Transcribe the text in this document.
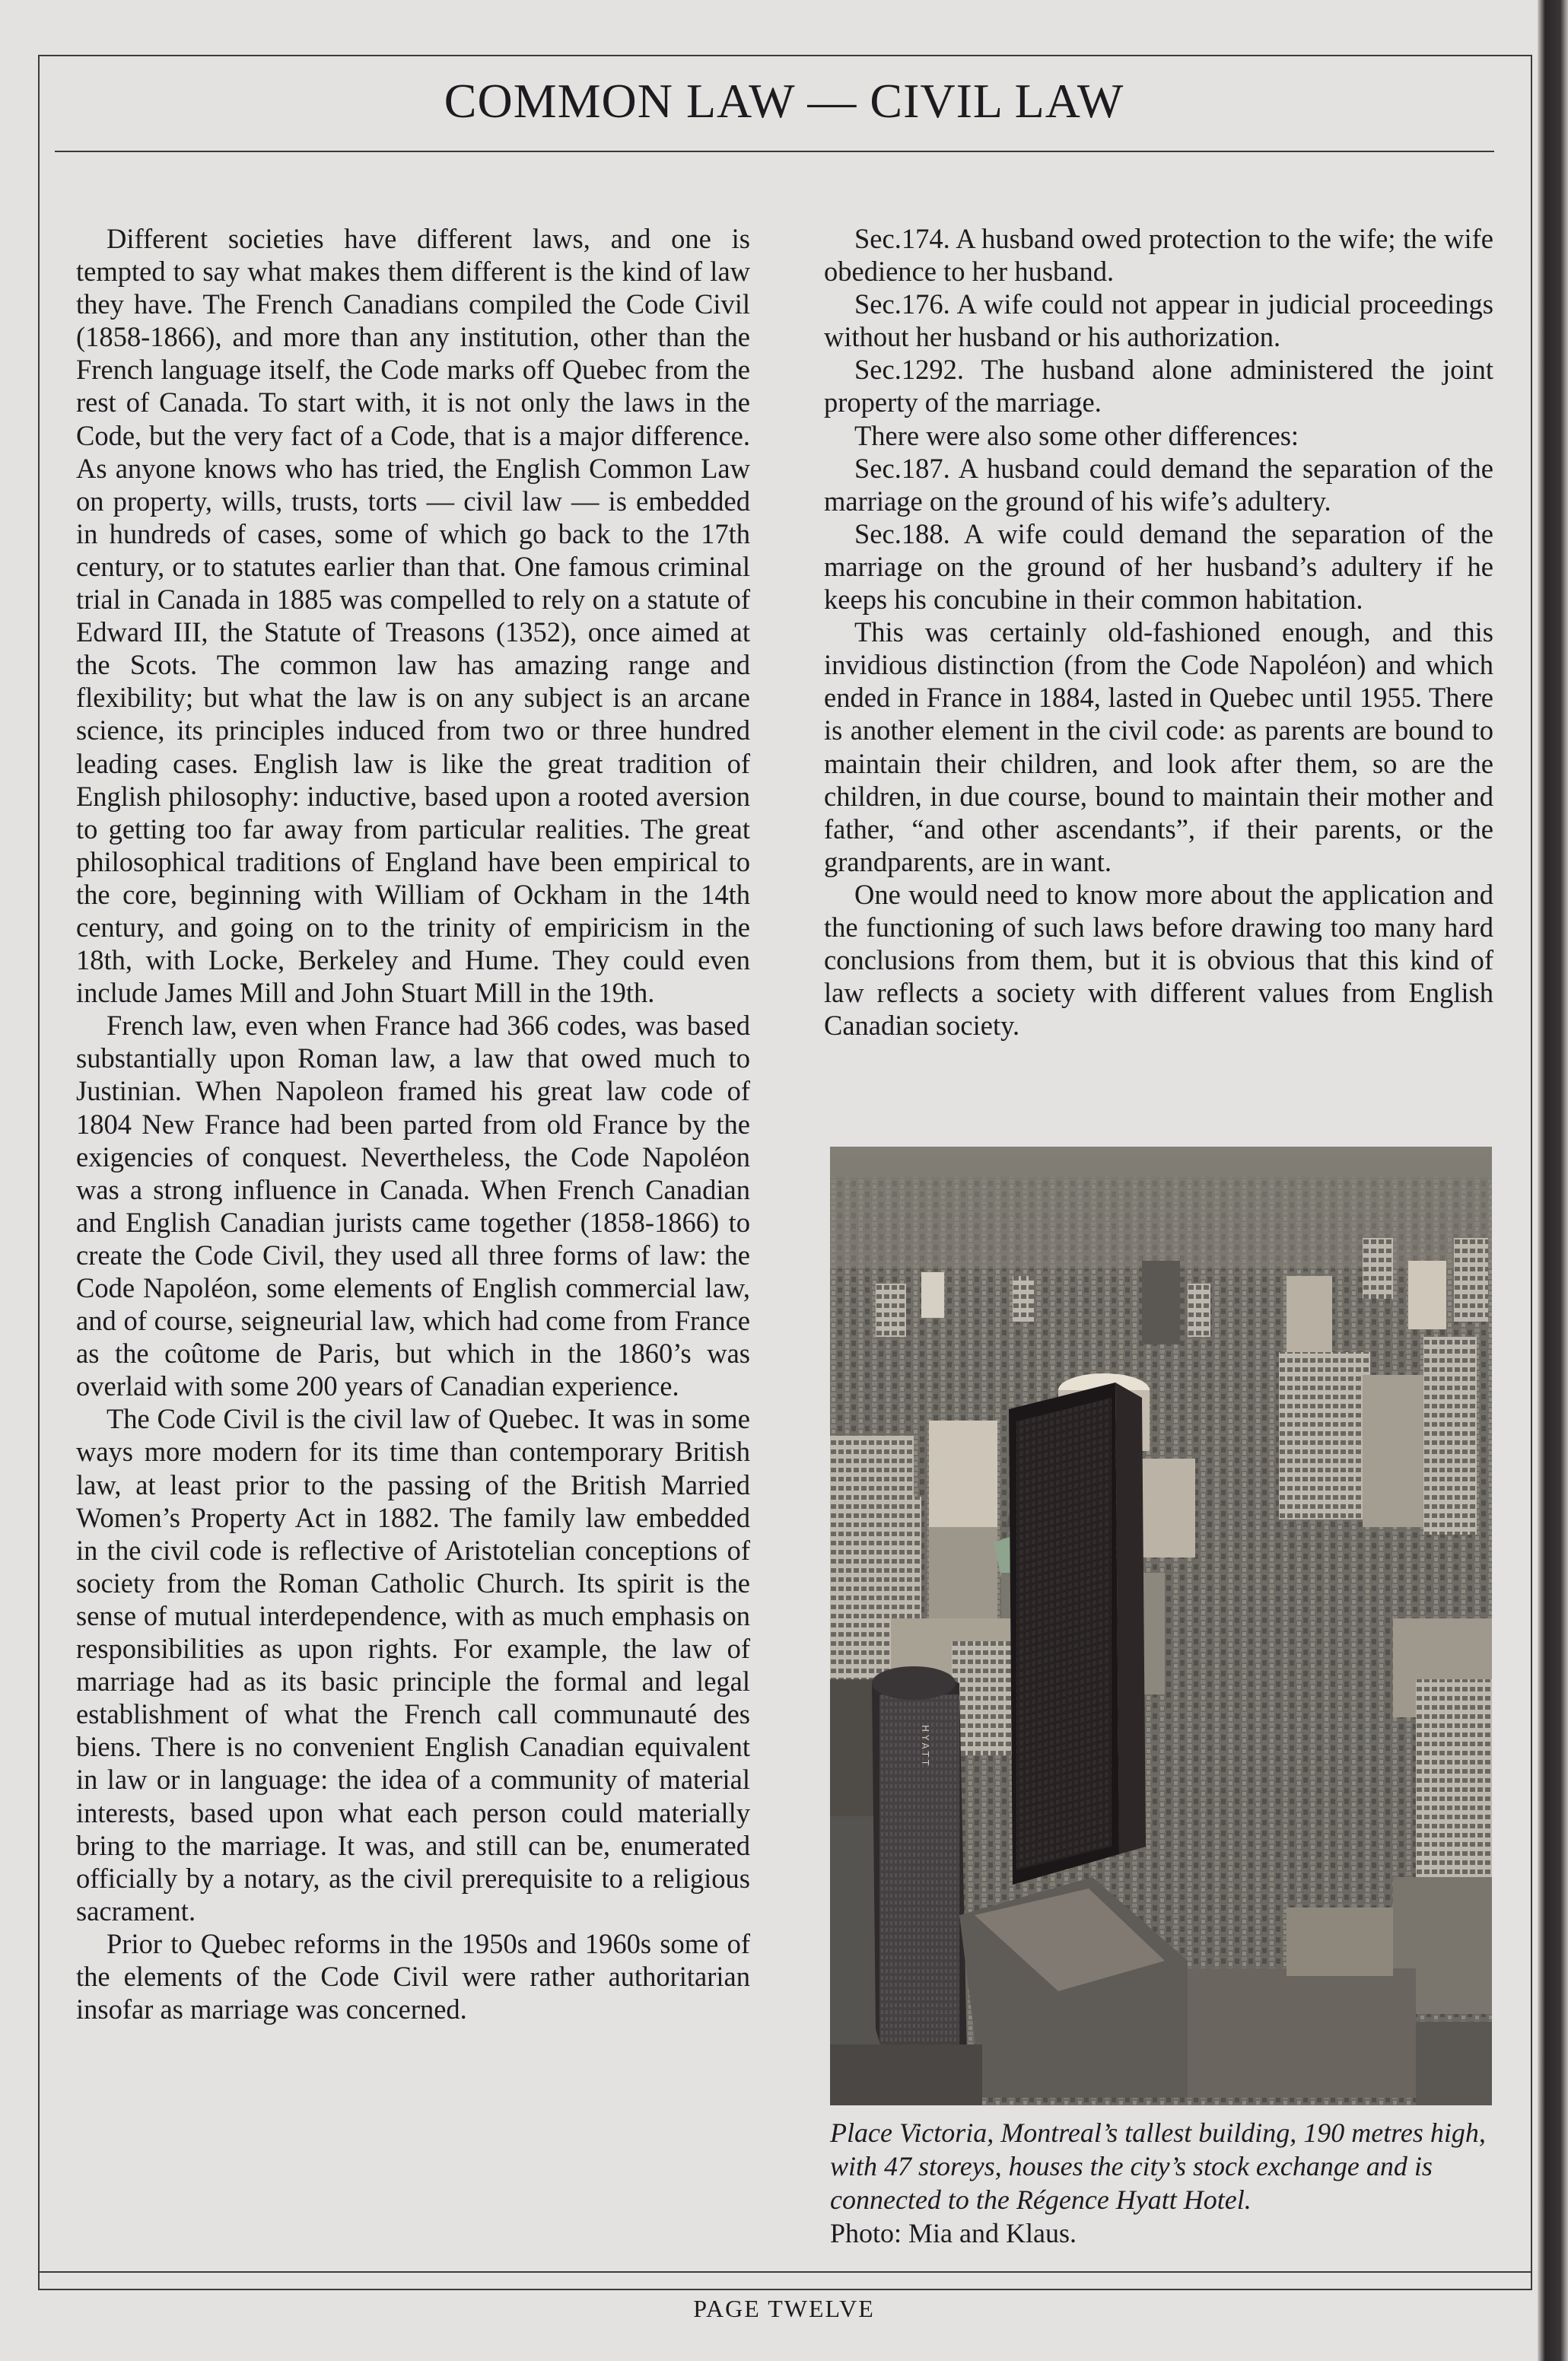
COMMON LAW — CIVIL LAW

Different societies have different laws, and one is tempted to say what makes them different is the kind of law they have. The French Canadians compiled the Code Civil (1858-1866), and more than any institution, other than the French language itself, the Code marks off Quebec from the rest of Canada. To start with, it is not only the laws in the Code, but the very fact of a Code, that is a major difference. As anyone knows who has tried, the English Common Law on property, wills, trusts, torts — civil law — is embedded in hundreds of cases, some of which go back to the 17th century, or to statutes earlier than that. One famous criminal trial in Canada in 1885 was compelled to rely on a statute of Edward III, the Statute of Treasons (1352), once aimed at the Scots. The common law has amazing range and flexibility; but what the law is on any subject is an arcane science, its principles induced from two or three hundred leading cases. English law is like the great tradition of English philosophy: inductive, based upon a rooted aversion to getting too far away from particular realities. The great philosophical traditions of England have been empirical to the core, beginning with William of Ockham in the 14th century, and going on to the trinity of empiricism in the 18th, with Locke, Berkeley and Hume. They could even include James Mill and John Stuart Mill in the 19th.

French law, even when France had 366 codes, was based substantially upon Roman law, a law that owed much to Justinian. When Napoleon framed his great law code of 1804 New France had been parted from old France by the exigencies of conquest. Nevertheless, the Code Napoléon was a strong influence in Canada. When French Canadian and English Canadian jurists came together (1858-1866) to create the Code Civil, they used all three forms of law: the Code Napoléon, some elements of English commercial law, and of course, seigneurial law, which had come from France as the coûtome de Paris, but which in the 1860’s was overlaid with some 200 years of Canadian experience.

The Code Civil is the civil law of Quebec. It was in some ways more modern for its time than contemporary British law, at least prior to the passing of the British Married Women’s Property Act in 1882. The family law embedded in the civil code is reflective of Aristotelian conceptions of society from the Roman Catholic Church. Its spirit is the sense of mutual interdependence, with as much emphasis on responsibilities as upon rights. For example, the law of marriage had as its basic principle the formal and legal establishment of what the French call communauté des biens. There is no convenient English Canadian equivalent in law or in language: the idea of a community of material interests, based upon what each person could materially bring to the marriage. It was, and still can be, enumerated officially by a notary, as the civil prerequisite to a religious sacrament.

Prior to Quebec reforms in the 1950s and 1960s some of the elements of the Code Civil were rather authoritarian insofar as marriage was concerned.

Sec.174. A husband owed protection to the wife; the wife obedience to her husband.

Sec.176. A wife could not appear in judicial proceedings without her husband or his authorization.

Sec.1292. The husband alone administered the joint property of the marriage.

There were also some other differences:

Sec.187. A husband could demand the separation of the marriage on the ground of his wife’s adultery.

Sec.188. A wife could demand the separation of the marriage on the ground of her husband’s adultery if he keeps his concubine in their common habitation.

This was certainly old-fashioned enough, and this invidious distinction (from the Code Napoléon) and which ended in France in 1884, lasted in Quebec until 1955. There is another element in the civil code: as parents are bound to maintain their children, and look after them, so are the children, in due course, bound to maintain their mother and father, “and other ascendants”, if their parents, or the grandparents, are in want.

One would need to know more about the application and the functioning of such laws before drawing too many hard conclusions from them, but it is obvious that this kind of law reflects a society with different values from English Canadian society.

HYATT
Place Victoria, Montreal’s tallest building, 190 metres high, with 47 storeys, houses the city’s stock exchange and is connected to the Régence Hyatt Hotel.
Photo: Mia and Klaus.
PAGE TWELVE
